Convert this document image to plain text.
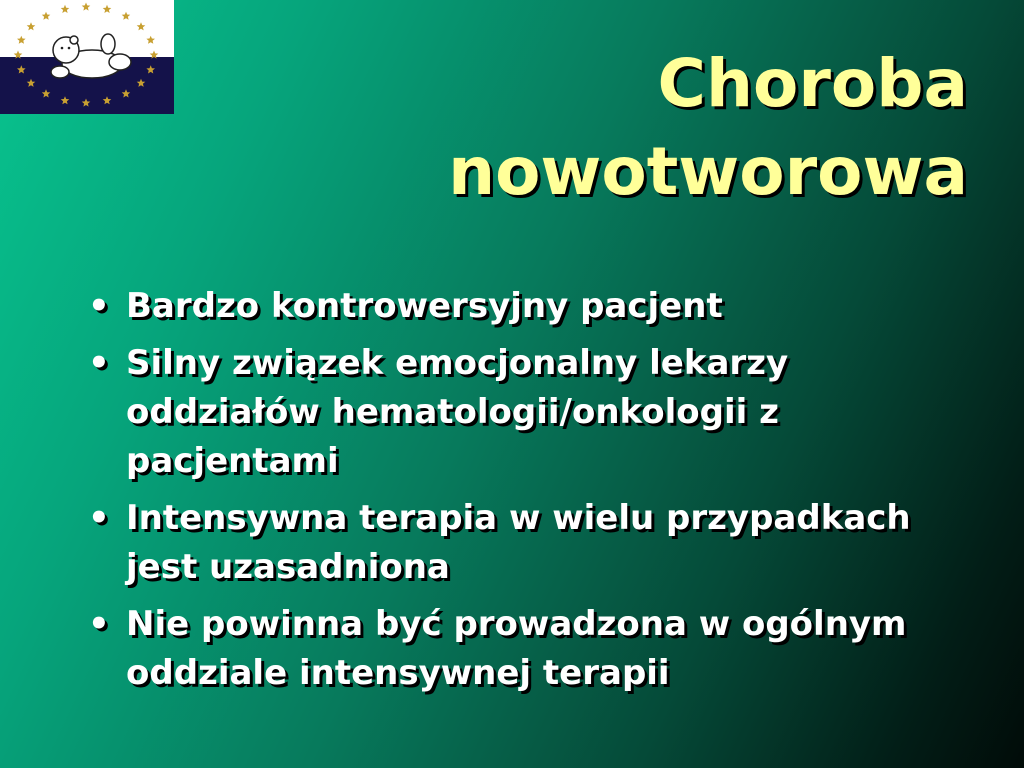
Choroba
nowotworowa
• Bardzo kontrowersyjny pacjent
• Silny związek emocjonalny lekarzy oddziałów hematologii/onkologii z pacjentami
• Intensywna terapia w wielu przypadkach jest uzasadniona
• Nie powinna być prowadzona w ogólnym oddziale intensywnej terapii
